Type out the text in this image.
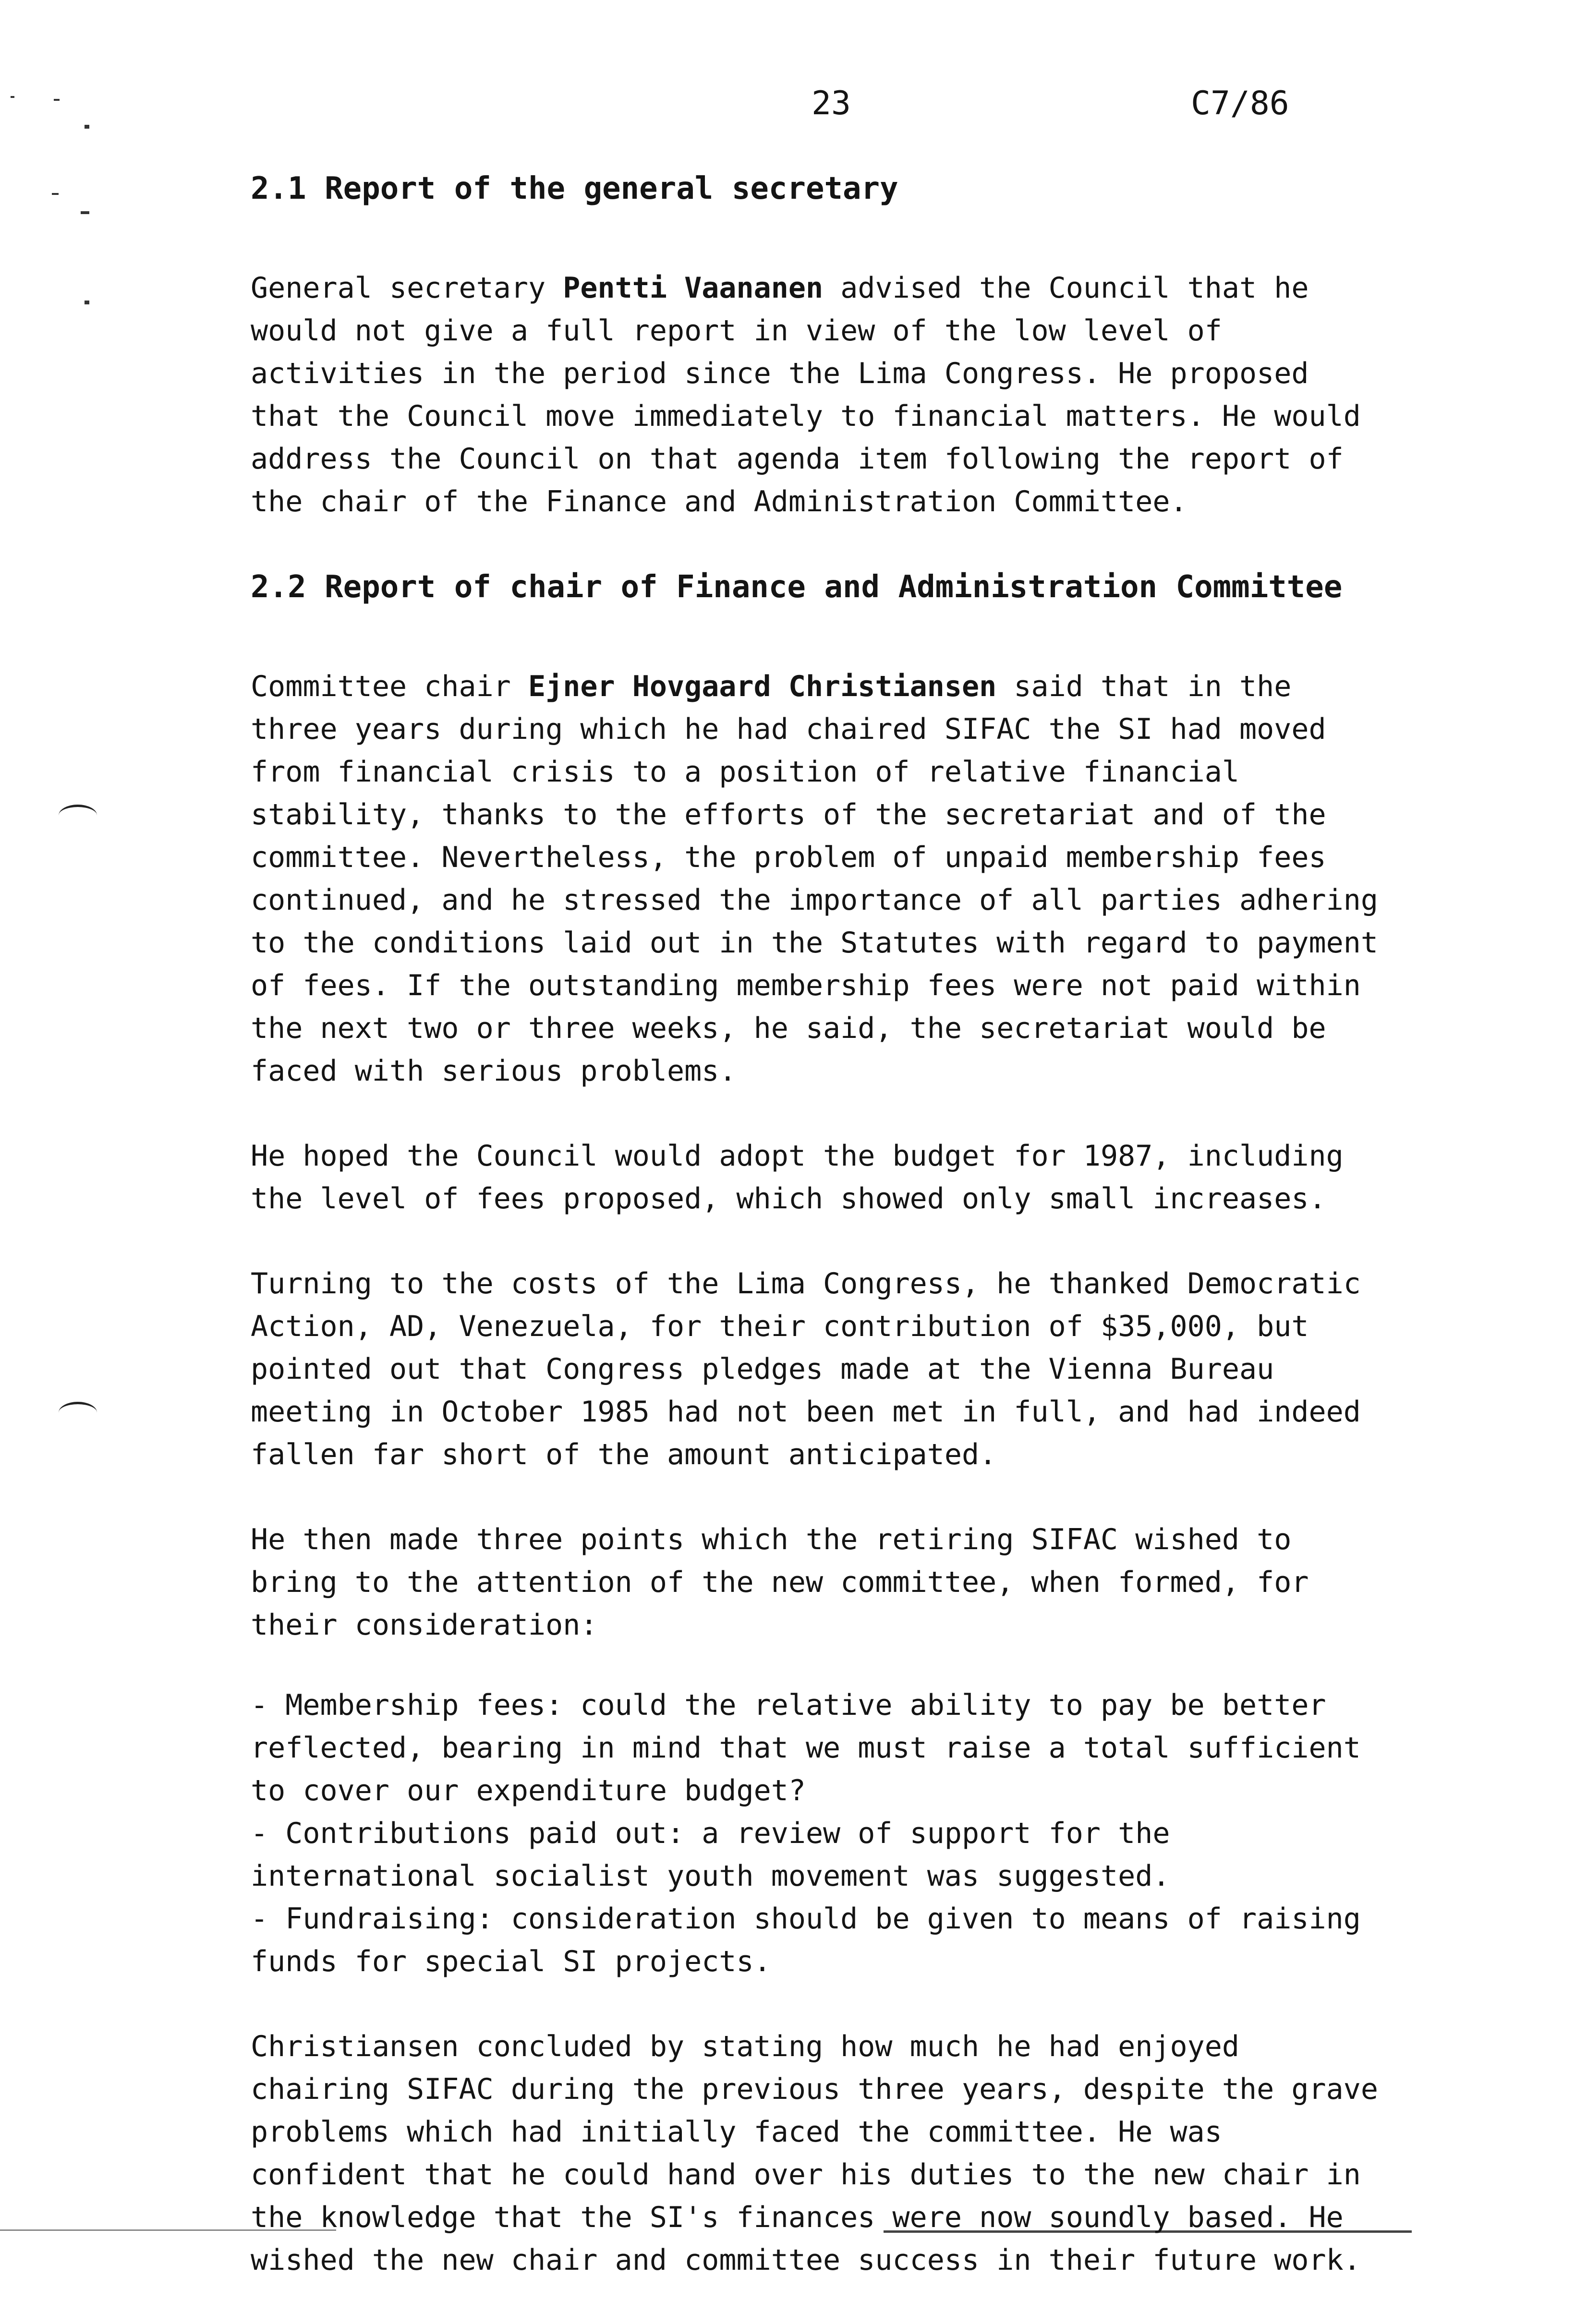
23	C7/86

2.1 Report of the general secretary

General secretary Pentti Vaananen advised the Council that he would not give a full report in view of the low level of activities in the period since the Lima Congress. He proposed that the Council move immediately to financial matters. He would address the Council on that agenda item following the report of the chair of the Finance and Administration Committee.

2.2 Report of chair of Finance and Administration Committee

Committee chair Ejner Hovgaard Christiansen said that in the three years during which he had chaired SIFAC the SI had moved from financial crisis to a position of relative financial stability, thanks to the efforts of the secretariat and of the committee. Nevertheless, the problem of unpaid membership fees continued, and he stressed the importance of all parties adhering to the conditions laid out in the Statutes with regard to payment of fees. If the outstanding membership fees were not paid within the next two or three weeks, he said, the secretariat would be faced with serious problems.

He hoped the Council would adopt the budget for 1987, including the level of fees proposed, which showed only small increases.

Turning to the costs of the Lima Congress, he thanked Democratic Action, AD, Venezuela, for their contribution of $35,000, but pointed out that Congress pledges made at the Vienna Bureau meeting in October 1985 had not been met in full, and had indeed fallen far short of the amount anticipated.

He then made three points which the retiring SIFAC wished to bring to the attention of the new committee, when formed, for their consideration:

- Membership fees: could the relative ability to pay be better reflected, bearing in mind that we must raise a total sufficient to cover our expenditure budget?
- Contributions paid out: a review of support for the international socialist youth movement was suggested.
- Fundraising: consideration should be given to means of raising funds for special SI projects.

Christiansen concluded by stating how much he had enjoyed chairing SIFAC during the previous three years, despite the grave problems which had initially faced the committee. He was confident that he could hand over his duties to the new chair in the knowledge that the SI's finances were now soundly based. He wished the new chair and committee success in their future work.
